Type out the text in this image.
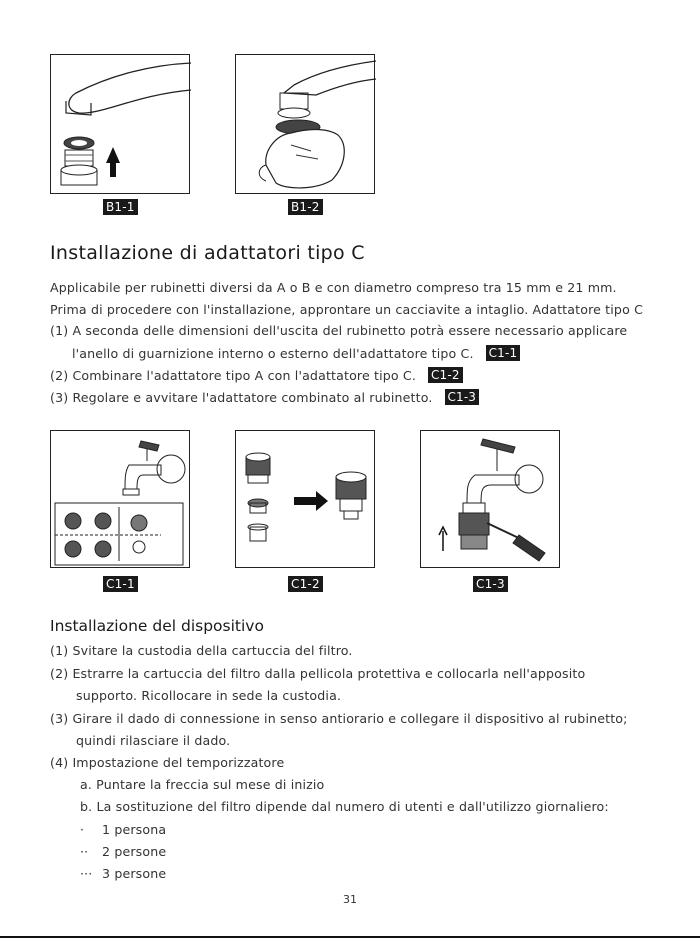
B1-1	B1-2
Installazione di adattatori tipo C
Applicabile per rubinetti diversi da A o B e con diametro compreso tra 15 mm e 21 mm.
Prima di procedere con l'installazione, approntare un cacciavite a intaglio. Adattatore tipo C
(1) A seconda delle dimensioni dell'uscita del rubinetto potrà essere necessario applicare
l'anello di guarnizione interno o esterno dell'adattatore tipo C. C1-1
(2) Combinare l'adattatore tipo A con l'adattatore tipo C. C1-2
(3) Regolare e avvitare l'adattatore combinato al rubinetto. C1-3
C1-1	C1-2	C1-3
Installazione del dispositivo
(1) Svitare la custodia della cartuccia del filtro.
(2) Estrarre la cartuccia del filtro dalla pellicola protettiva e collocarla nell'apposito
supporto. Ricollocare in sede la custodia.
(3) Girare il dado di connessione in senso antiorario e collegare il dispositivo al rubinetto;
quindi rilasciare il dado.
(4) Impostazione del temporizzatore
a. Puntare la freccia sul mese di inizio
b. La sostituzione del filtro dipende dal numero di utenti e dall'utilizzo giornaliero:
· 1 persona
·· 2 persone
··· 3 persone
31
